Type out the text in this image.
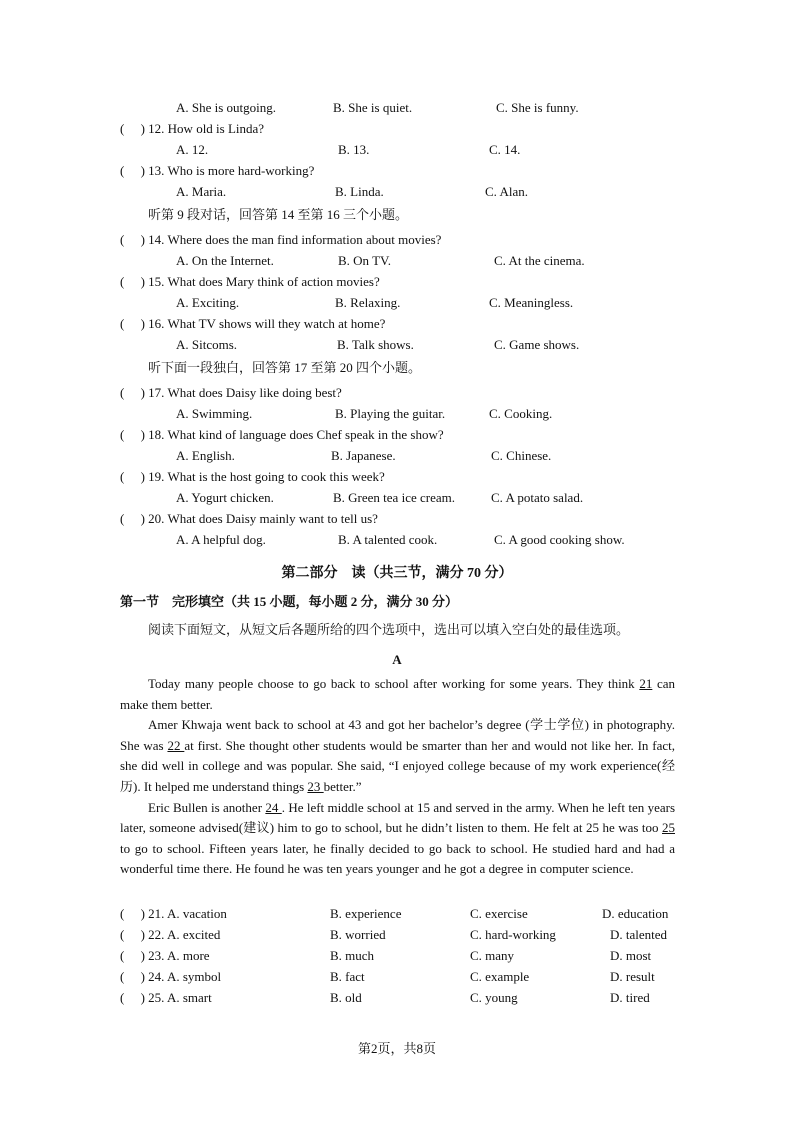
A. She is outgoing.	B. She is quiet.	C. She is funny.
(　 ) 12. How old is Linda?
A. 12.	B. 13.	C. 14.
(　 ) 13. Who is more hard-working?
A. Maria.	B. Linda.	C. Alan.
听第 9 段对话，回答第 14 至第 16 三个小题。
(　 ) 14. Where does the man find information about movies?
A. On the Internet.	B. On TV.	C. At the cinema.
(　 ) 15. What does Mary think of action movies?
A. Exciting.	B. Relaxing.	C. Meaningless.
(　 ) 16. What TV shows will they watch at home?
A. Sitcoms.	B. Talk shows.	C. Game shows.
听下面一段独白，回答第 17 至第 20 四个小题。
(　 ) 17. What does Daisy like doing best?
A. Swimming.	B. Playing the guitar.	C. Cooking.
(　 ) 18. What kind of language does Chef speak in the show?
A. English.	B. Japanese.	C. Chinese.
(　 ) 19. What is the host going to cook this week?
A. Yogurt chicken.	B. Green tea ice cream.	C. A potato salad.
(　 ) 20. What does Daisy mainly want to tell us?
A. A helpful dog.	B. A talented cook.	C. A good cooking show.
第二部分　读（共三节，满分 70 分）
第一节　完形填空（共 15 小题，每小题 2 分，满分 30 分）
阅读下面短文，从短文后各题所给的四个选项中，选出可以填入空白处的最佳选项。
A

Today many people choose to go back to school after working for some years. They think 21 can make them better.

Amer Khwaja went back to school at 43 and got her bachelor’s degree (学士学位) in photography. She was 22 at first. She thought other students would be smarter than her and would not like her. In fact, she did well in college and was popular. She said, “I enjoyed college because of my work experience(经历). It helped me understand things 23 better.”

Eric Bullen is another 24 . He left middle school at 15 and served in the army. When he left ten years later, someone advised(建议) him to go to school, but he didn’t listen to them. He felt at 25 he was too 25 to go to school. Fifteen years later, he finally decided to go back to school. He studied hard and had a wonderful time there. He found he was ten years younger and he got a degree in computer science.

(　 ) 21. A. vacation	B. experience	C. exercise	D. education
(　 ) 22. A. excited	B. worried	C. hard-working	D. talented
(　 ) 23. A. more	B. much	C. many	D. most
(　 ) 24. A. symbol	B. fact	C. example	D. result
(　 ) 25. A. smart	B. old	C. young	D. tired
第2页，共8页
